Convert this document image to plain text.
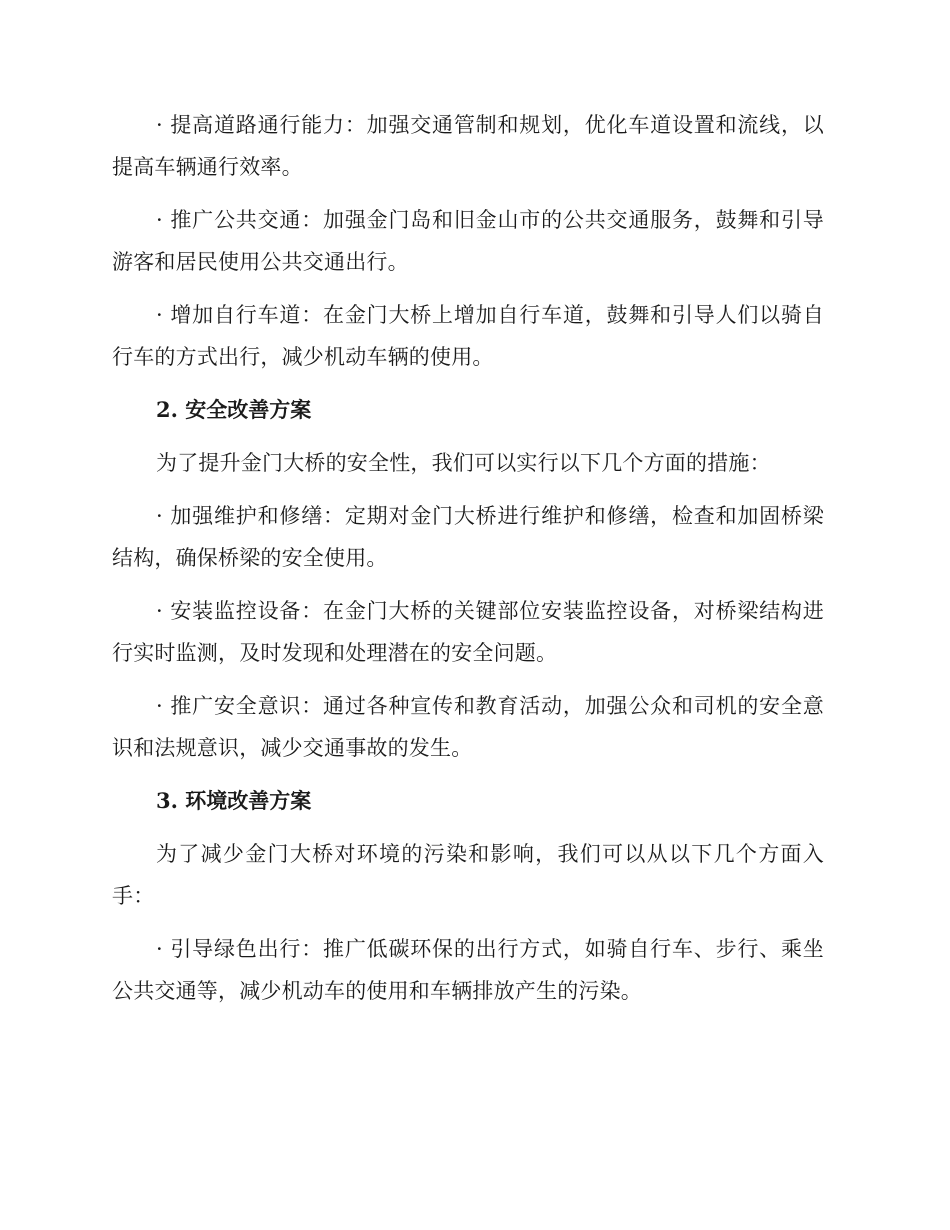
· 提高道路通行能力：加强交通管制和规划，优化车道设置和流线，以提高车辆通行效率。

· 推广公共交通：加强金门岛和旧金山市的公共交通服务，鼓舞和引导游客和居民使用公共交通出行。

· 增加自行车道：在金门大桥上增加自行车道，鼓舞和引导人们以骑自行车的方式出行，减少机动车辆的使用。

2. 安全改善方案

为了提升金门大桥的安全性，我们可以实行以下几个方面的措施：

· 加强维护和修缮：定期对金门大桥进行维护和修缮，检查和加固桥梁结构，确保桥梁的安全使用。

· 安装监控设备：在金门大桥的关键部位安装监控设备，对桥梁结构进行实时监测，及时发现和处理潜在的安全问题。

· 推广安全意识：通过各种宣传和教育活动，加强公众和司机的安全意识和法规意识，减少交通事故的发生。

3. 环境改善方案

为了减少金门大桥对环境的污染和影响，我们可以从以下几个方面入手：

· 引导绿色出行：推广低碳环保的出行方式，如骑自行车、步行、乘坐公共交通等，减少机动车的使用和车辆排放产生的污染。
